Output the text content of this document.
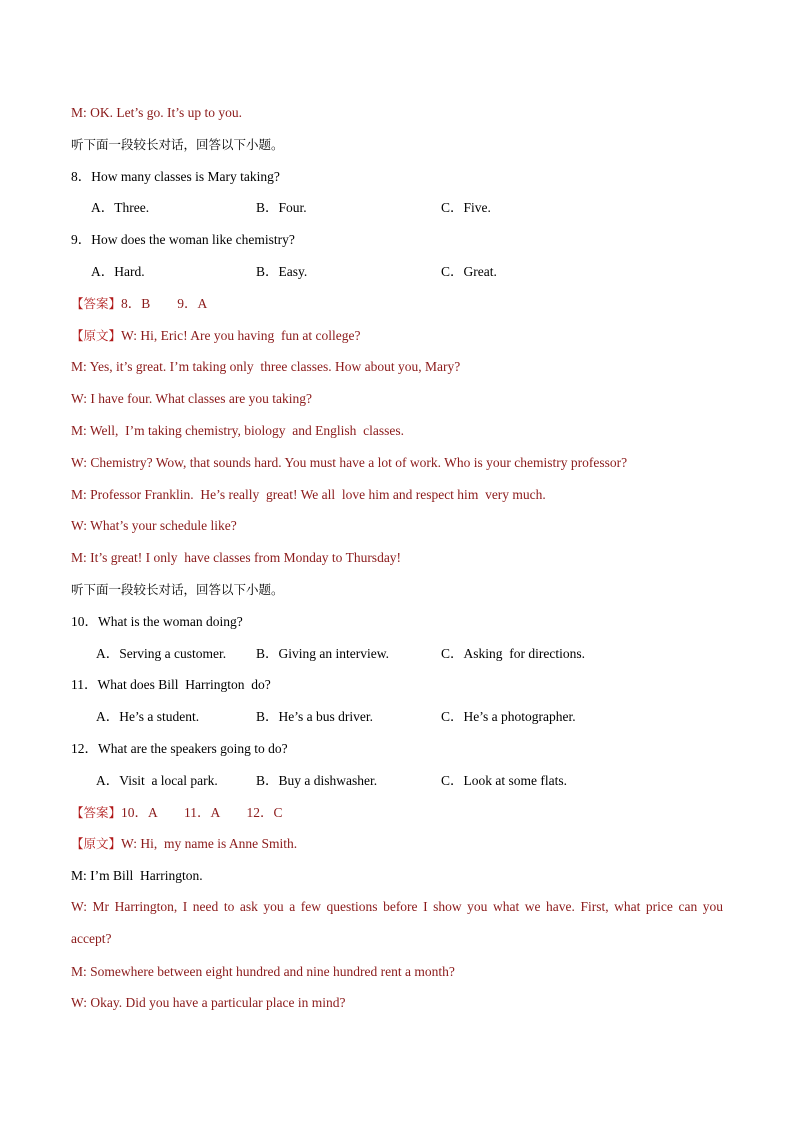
M: OK. Let’s go. It’s up to you.
听下面一段较长对话，回答以下小题。
8．How many classes is Mary taking?
A．Three.	B．Four.	C．Five.
9．How does the woman like chemistry?
A．Hard.	B．Easy.	C．Great.
【答案】8．B        9．A
【原文】W: Hi, Eric! Are you having  fun at college?
M: Yes, it’s great. I’m taking only  three classes. How about you, Mary?
W: I have four. What classes are you taking?
M: Well,  I’m taking chemistry, biology  and English  classes.
W: Chemistry? Wow, that sounds hard. You must have a lot of work. Who is your chemistry professor?
M: Professor Franklin.  He’s really  great! We all  love him and respect him  very much.
W: What’s your schedule like?
M: It’s great! I only  have classes from Monday to Thursday!
听下面一段较长对话，回答以下小题。
10．What is the woman doing?
A．Serving a customer. B．Giving an interview.	C．Asking  for directions.
11．What does Bill  Harrington  do?
A．He’s a student.	B．He’s a bus driver.	C．He’s a photographer.
12．What are the speakers going to do?
A．Visit  a local park.	B．Buy a dishwasher.	C．Look at some flats.
【答案】10．A        11．A        12．C
【原文】W: Hi,  my name is Anne Smith.
M: I’m Bill  Harrington.
W: Mr Harrington, I need to ask you a few questions before I show you what we have. First, what price can you accept?
M: Somewhere between eight hundred and nine hundred rent a month?
W: Okay. Did you have a particular place in mind?
